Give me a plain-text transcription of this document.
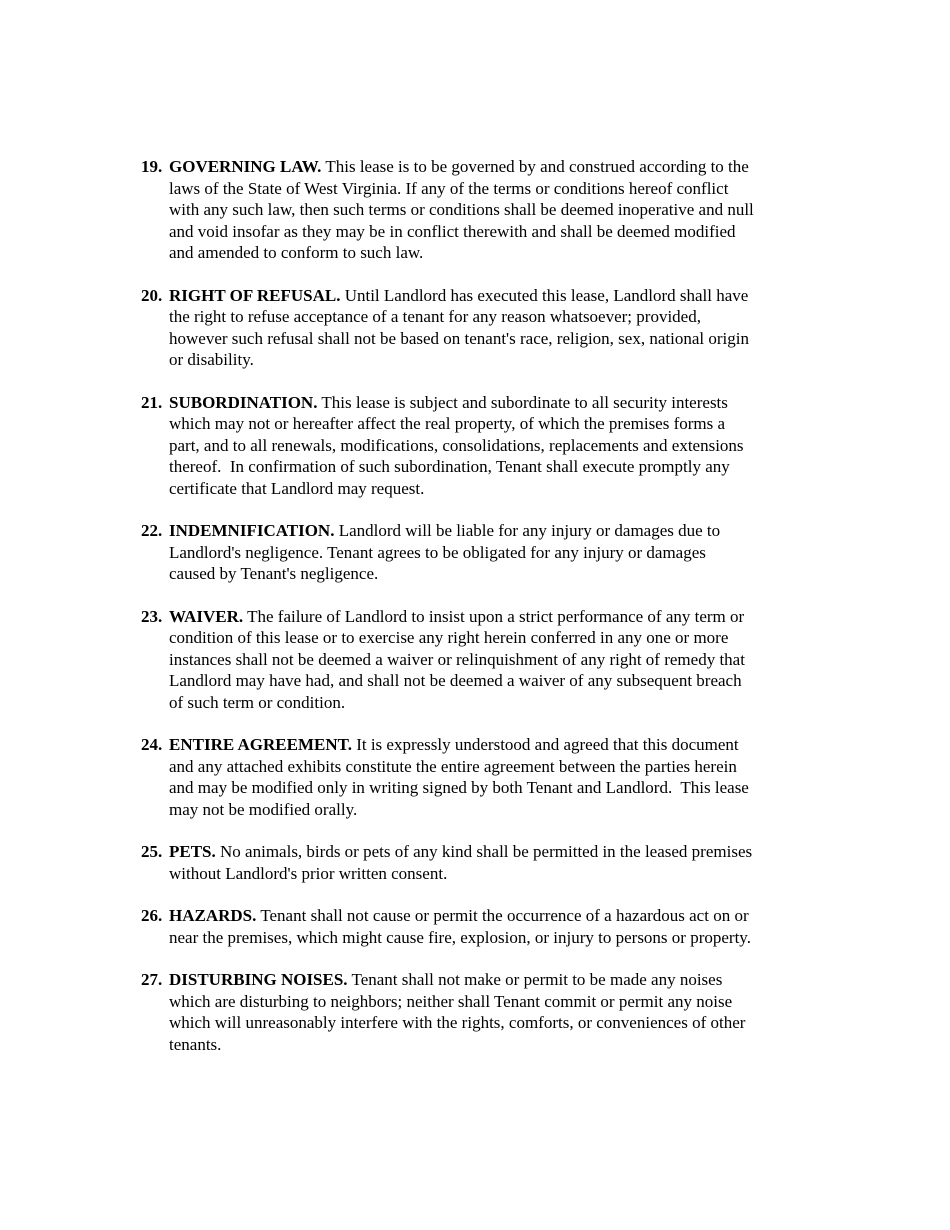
19. GOVERNING LAW. This lease is to be governed by and construed according to the
laws of the State of West Virginia. If any of the terms or conditions hereof conflict
with any such law, then such terms or conditions shall be deemed inoperative and null
and void insofar as they may be in conflict therewith and shall be deemed modified
and amended to conform to such law.
20. RIGHT OF REFUSAL. Until Landlord has executed this lease, Landlord shall have
the right to refuse acceptance of a tenant for any reason whatsoever; provided,
however such refusal shall not be based on tenant's race, religion, sex, national origin
or disability.
21. SUBORDINATION. This lease is subject and subordinate to all security interests
which may not or hereafter affect the real property, of which the premises forms a
part, and to all renewals, modifications, consolidations, replacements and extensions
thereof.  In confirmation of such subordination, Tenant shall execute promptly any
certificate that Landlord may request.
22. INDEMNIFICATION. Landlord will be liable for any injury or damages due to
Landlord's negligence. Tenant agrees to be obligated for any injury or damages
caused by Tenant's negligence.
23. WAIVER. The failure of Landlord to insist upon a strict performance of any term or
condition of this lease or to exercise any right herein conferred in any one or more
instances shall not be deemed a waiver or relinquishment of any right of remedy that
Landlord may have had, and shall not be deemed a waiver of any subsequent breach
of such term or condition.
24. ENTIRE AGREEMENT. It is expressly understood and agreed that this document
and any attached exhibits constitute the entire agreement between the parties herein
and may be modified only in writing signed by both Tenant and Landlord.  This lease
may not be modified orally.
25. PETS. No animals, birds or pets of any kind shall be permitted in the leased premises
without Landlord's prior written consent.
26. HAZARDS. Tenant shall not cause or permit the occurrence of a hazardous act on or
near the premises, which might cause fire, explosion, or injury to persons or property.
27. DISTURBING NOISES. Tenant shall not make or permit to be made any noises
which are disturbing to neighbors; neither shall Tenant commit or permit any noise
which will unreasonably interfere with the rights, comforts, or conveniences of other
tenants.
